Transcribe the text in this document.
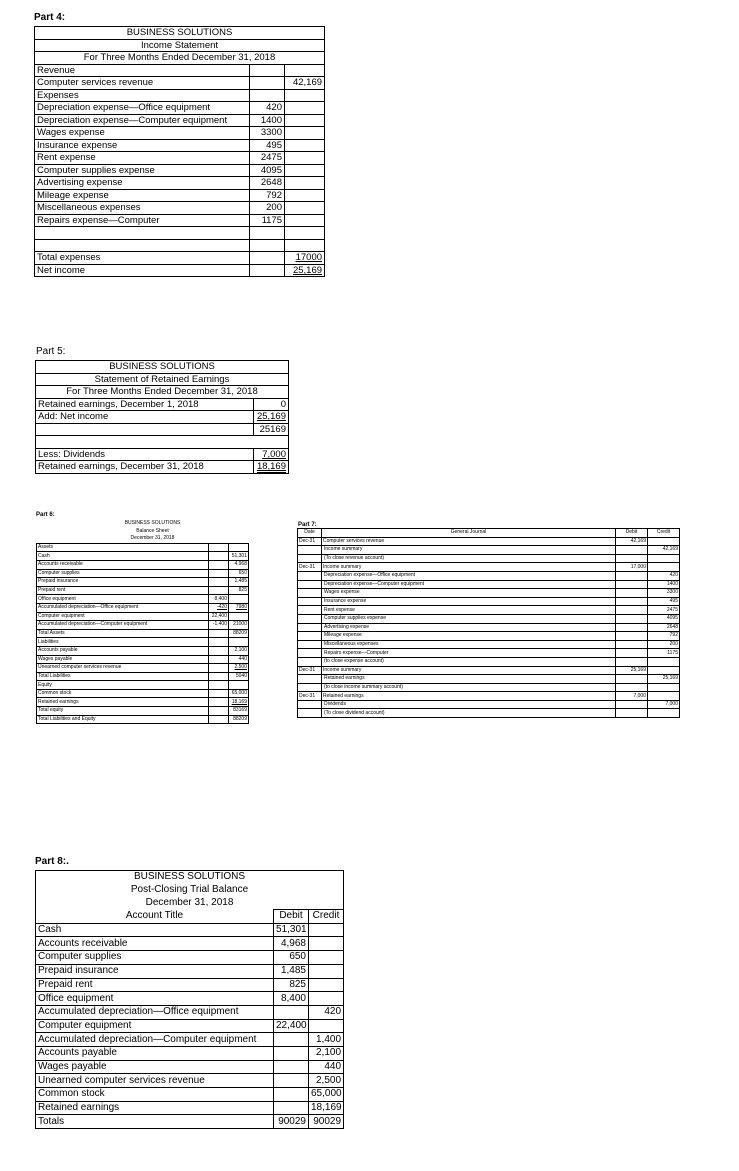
Part 4:
BUSINESS SOLUTIONS		
Income Statement		
For Three Months Ended December 31, 2018		
Revenue		
Computer services revenue		42,169
Expenses		
Depreciation expense—Office equipment	420	
Depreciation expense—Computer equipment	1400	
Wages expense	3300	
Insurance expense	495	
Rent expense	2475	
Computer supplies expense	4095	
Advertising expense	2648	
Mileage expense	792	
Miscellaneous expenses	200	
Repairs expense—Computer	1175	

Total expenses		17000
Net income		25,169
Part 5:
BUSINESS SOLUTIONS	
Statement of Retained Earnings	
For Three Months Ended December 31, 2018	
Retained earnings, December 1, 2018	0
Add: Net income	25,169
	25169

Less: Dividends	7,000
Retained earnings, December 31, 2018	18,169
Part 6:
BUSINESS SOLUTIONS			
Balance Sheet			
December 31, 2018			
Assets			
Cash		51,301	
Accounts receivable		4,968	
Computer supplies		650	
Prepaid insurance		1,485	
Prepaid rent		825	
Office equipment	8,400		
Accumulated depreciation—Office equipment	-420	7980	
Computer equipment	22,400		
Accumulated depreciation—Computer equipment	-1,400	21000	
Total Assets		88209	
Liabilities			
Accounts payable		2,100	
Wages payable		440	
Unearned computer services revenue		2,500	
Total Liabilities		5040	
Equity			
Common stock		65,000	
Retained earnings		18,169	
Total equity		83169	
Total Liabilities and Equity		88209	
Part 7:
Date	General Journal	Debit	Credit
Dec-31	Computer services revenue	42,169	
	Income summary		42,169
	(To close revenue account)		
Dec-31	Income summary	17,000	
	Depreciation expense—Office equipment		420
	Depreciation expense—Computer equipment		1400
	Wages expense		3300
	Insurance expense		495
	Rent expense		2475
	Computer supplies expense		4095
	Advertising expense		2648
	Mileage expense		792
	Miscellaneous expenses		200
	Repairs expense—Computer		1175
	(to close expense account)		
Dec-31	Income summary	25,169	
	Retained earnings		25,169
	(to close income summary account)		
Dec-31	Retained earnings	7,000	
	Dividends		7,000
	(To close dividend account)		
Part 8:.
BUSINESS SOLUTIONS		
Post-Closing Trial Balance		
December 31, 2018		
Account Title	Debit	Credit
Cash	51,301	
Accounts receivable	4,968	
Computer supplies	650	
Prepaid insurance	1,485	
Prepaid rent	825	
Office equipment	8,400	
Accumulated depreciation—Office equipment		420
Computer equipment	22,400	
Accumulated depreciation—Computer equipment		1,400
Accounts payable		2,100
Wages payable		440
Unearned computer services revenue		2,500
Common stock		65,000
Retained earnings		18,169
Totals	90029	90029
